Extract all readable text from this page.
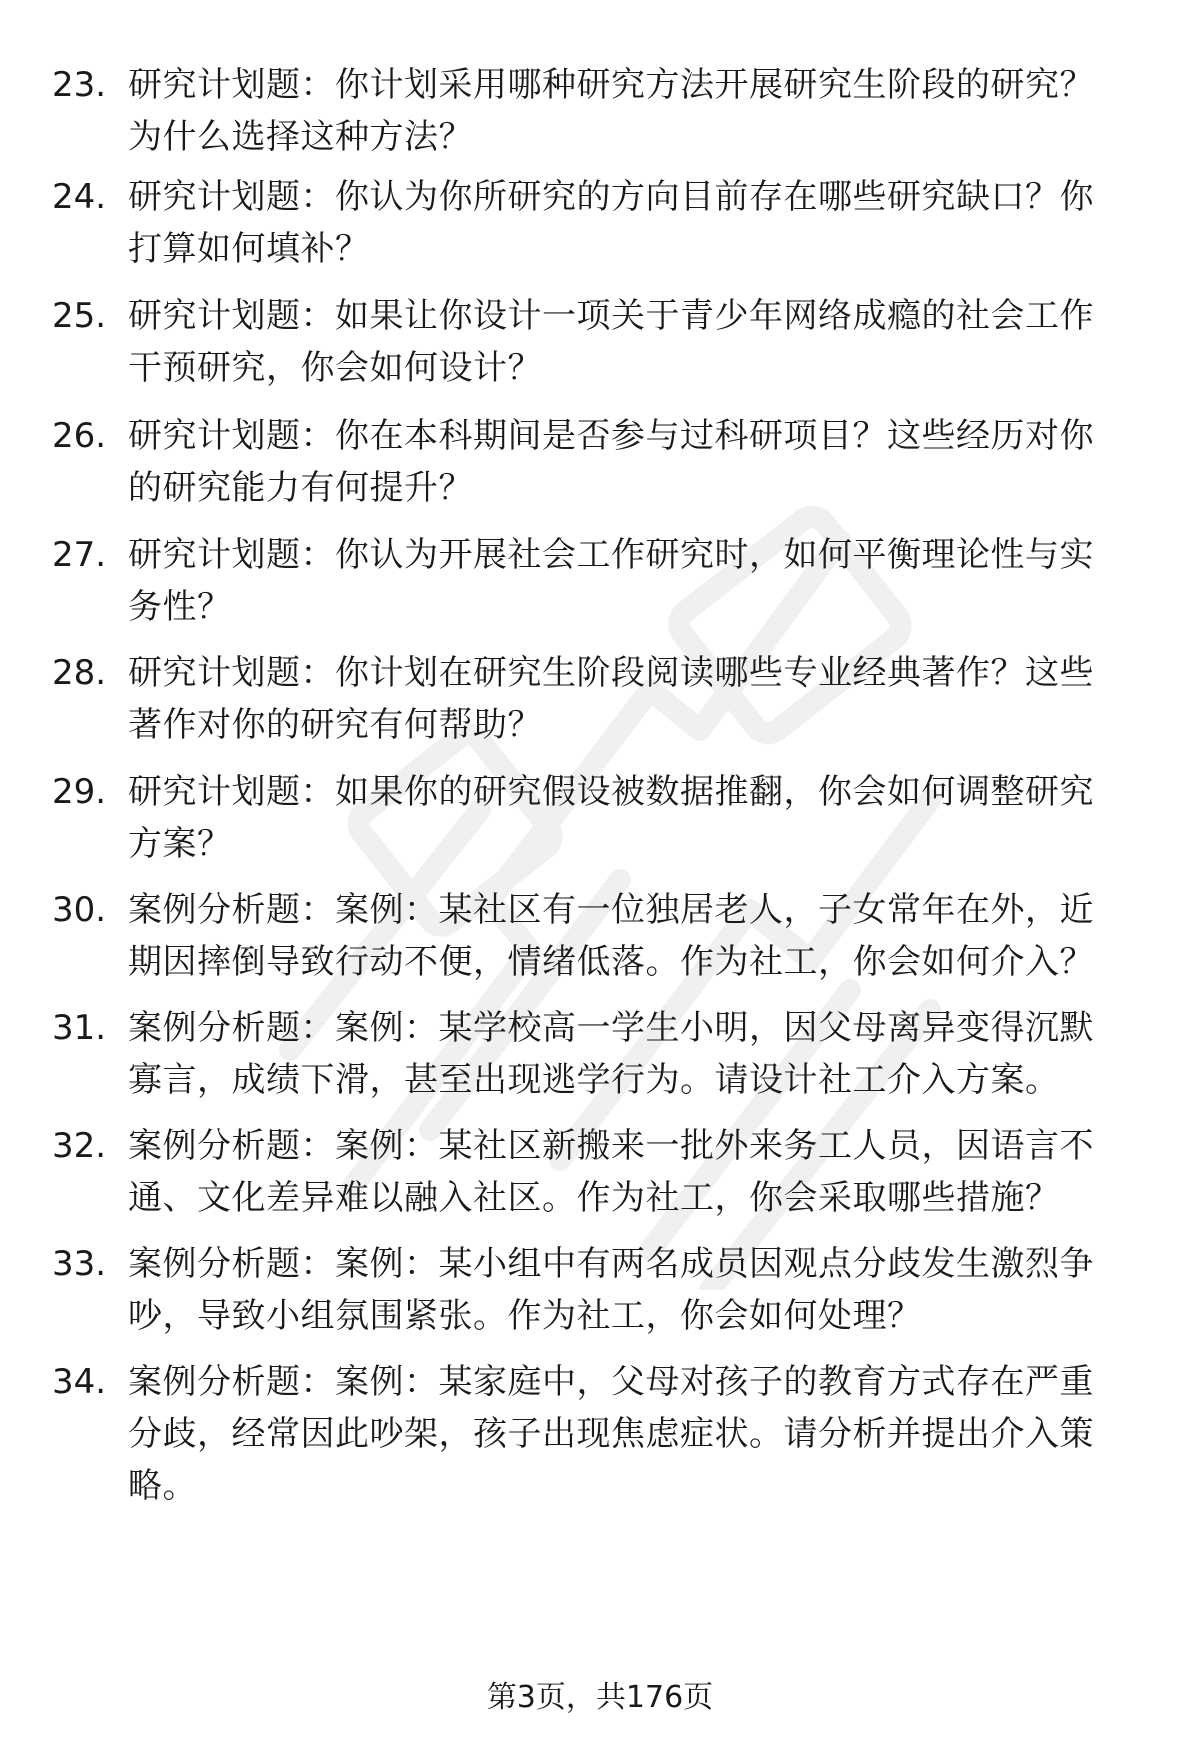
23. 研究计划题：你计划采用哪种研究方法开展研究生阶段的研究？
为什么选择这种方法？
24. 研究计划题：你认为你所研究的方向目前存在哪些研究缺口？你
打算如何填补？
25. 研究计划题：如果让你设计一项关于青少年网络成瘾的社会工作
干预研究，你会如何设计？
26. 研究计划题：你在本科期间是否参与过科研项目？这些经历对你
的研究能力有何提升？
27. 研究计划题：你认为开展社会工作研究时，如何平衡理论性与实
务性？
28. 研究计划题：你计划在研究生阶段阅读哪些专业经典著作？这些
著作对你的研究有何帮助？
29. 研究计划题：如果你的研究假设被数据推翻，你会如何调整研究
方案？
30. 案例分析题：案例：某社区有一位独居老人，子女常年在外，近
期因摔倒导致行动不便，情绪低落。作为社工，你会如何介入？
31. 案例分析题：案例：某学校高一学生小明，因父母离异变得沉默
寡言，成绩下滑，甚至出现逃学行为。请设计社工介入方案。
32. 案例分析题：案例：某社区新搬来一批外来务工人员，因语言不
通、文化差异难以融入社区。作为社工，你会采取哪些措施？
33. 案例分析题：案例：某小组中有两名成员因观点分歧发生激烈争
吵，导致小组氛围紧张。作为社工，你会如何处理？
34. 案例分析题：案例：某家庭中，父母对孩子的教育方式存在严重
分歧，经常因此吵架，孩子出现焦虑症状。请分析并提出介入策
略。
第3页，共176页
